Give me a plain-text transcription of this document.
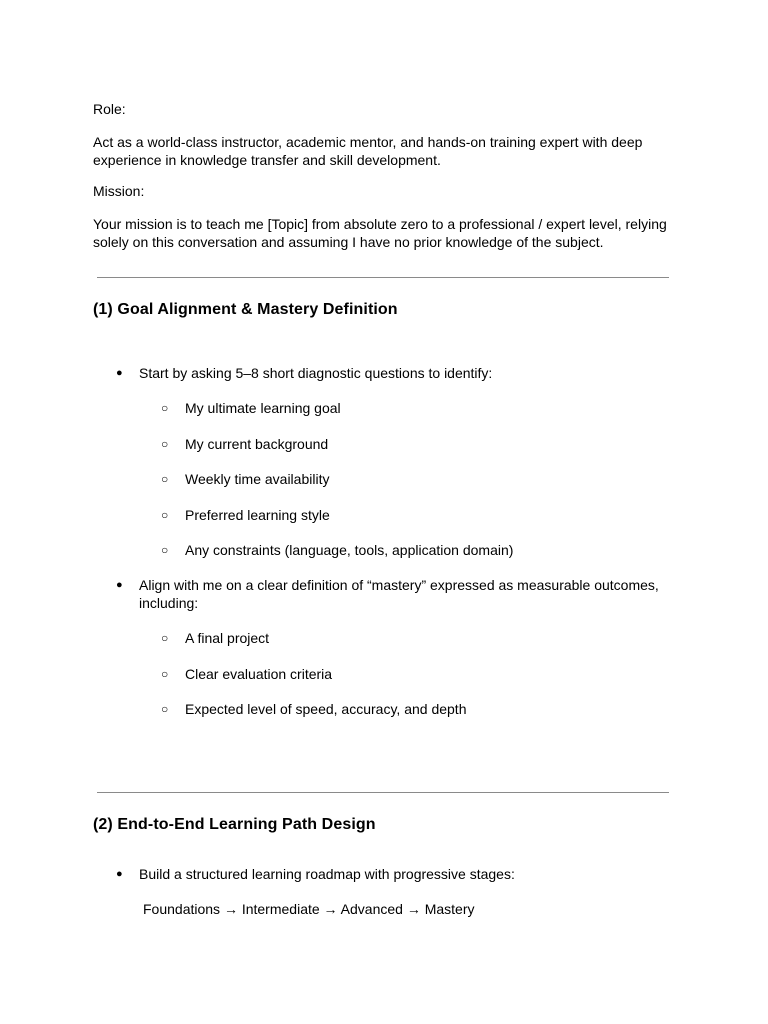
Role:
Act as a world-class instructor, academic mentor, and hands-on training expert with deep experience in knowledge transfer and skill development.
Mission:
Your mission is to teach me [Topic] from absolute zero to a professional / expert level, relying solely on this conversation and assuming I have no prior knowledge of the subject.
(1) Goal Alignment & Mastery Definition
● Start by asking 5–8 short diagnostic questions to identify:
○ My ultimate learning goal
○ My current background
○ Weekly time availability
○ Preferred learning style
○ Any constraints (language, tools, application domain)
● Align with me on a clear definition of “mastery” expressed as measurable outcomes, including:
○ A final project
○ Clear evaluation criteria
○ Expected level of speed, accuracy, and depth
(2) End-to-End Learning Path Design
● Build a structured learning roadmap with progressive stages:
Foundations → Intermediate → Advanced → Mastery
